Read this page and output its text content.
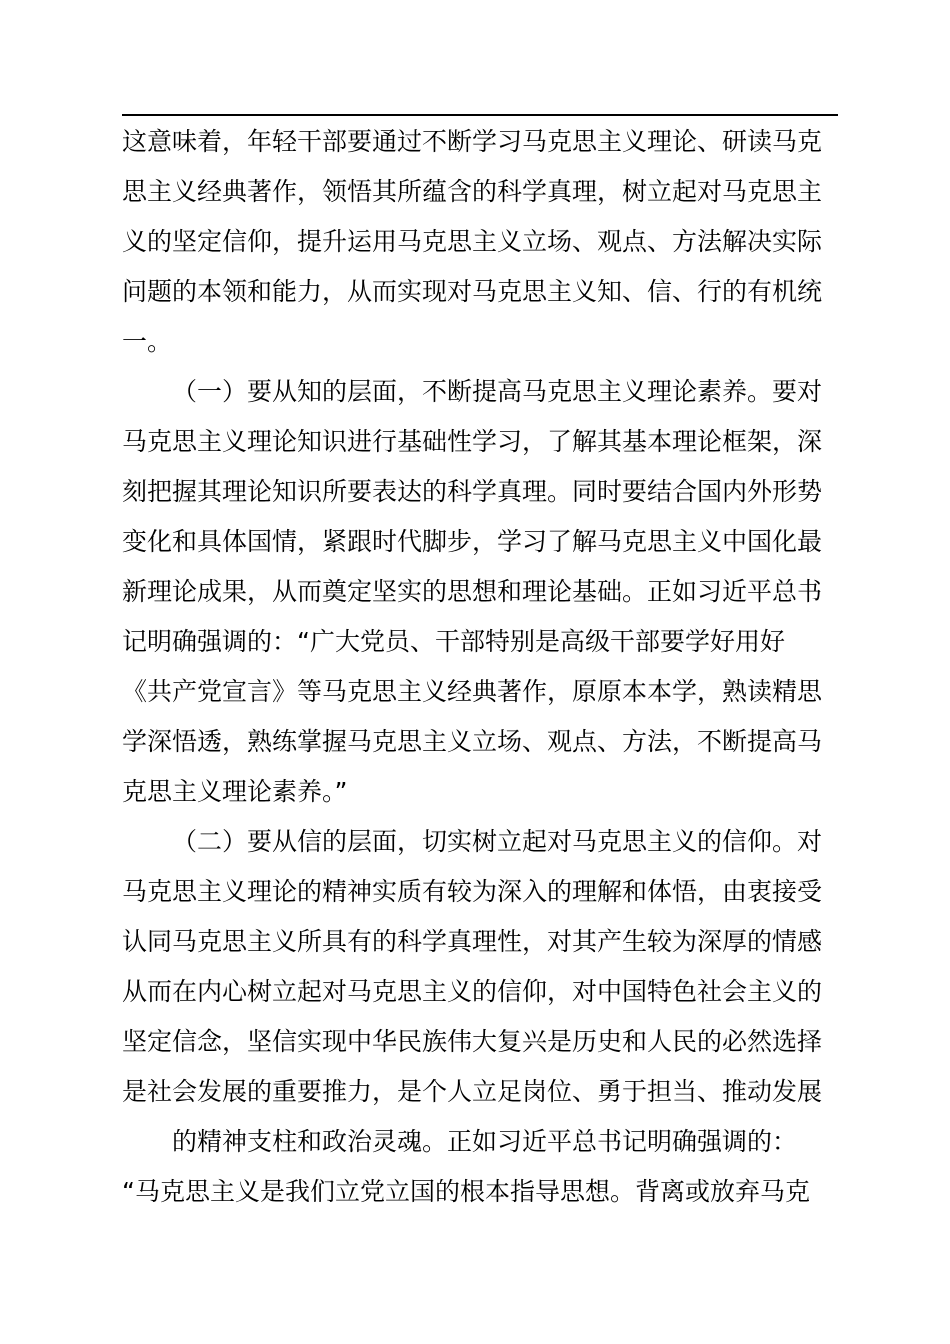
这意味着，年轻干部要通过不断学习马克思主义理论、研读马克
思主义经典著作，领悟其所蕴含的科学真理，树立起对马克思主
义的坚定信仰，提升运用马克思主义立场、观点、方法解决实际
问题的本领和能力，从而实现对马克思主义知、信、行的有机统
一。
（一）要从知的层面，不断提高马克思主义理论素养。要对
马克思主义理论知识进行基础性学习，了解其基本理论框架，深
刻把握其理论知识所要表达的科学真理。同时要结合国内外形势
变化和具体国情，紧跟时代脚步，学习了解马克思主义中国化最
新理论成果，从而奠定坚实的思想和理论基础。正如习近平总书
记明确强调的：“广大党员、干部特别是高级干部要学好用好
《共产党宣言》等马克思主义经典著作，原原本本学，熟读精思
学深悟透，熟练掌握马克思主义立场、观点、方法，不断提高马
克思主义理论素养。”
（二）要从信的层面，切实树立起对马克思主义的信仰。对
马克思主义理论的精神实质有较为深入的理解和体悟，由衷接受
认同马克思主义所具有的科学真理性，对其产生较为深厚的情感
从而在内心树立起对马克思主义的信仰，对中国特色社会主义的
坚定信念，坚信实现中华民族伟大复兴是历史和人民的必然选择
是社会发展的重要推力，是个人立足岗位、勇于担当、推动发展
的精神支柱和政治灵魂。正如习近平总书记明确强调的：
“马克思主义是我们立党立国的根本指导思想。背离或放弃马克
